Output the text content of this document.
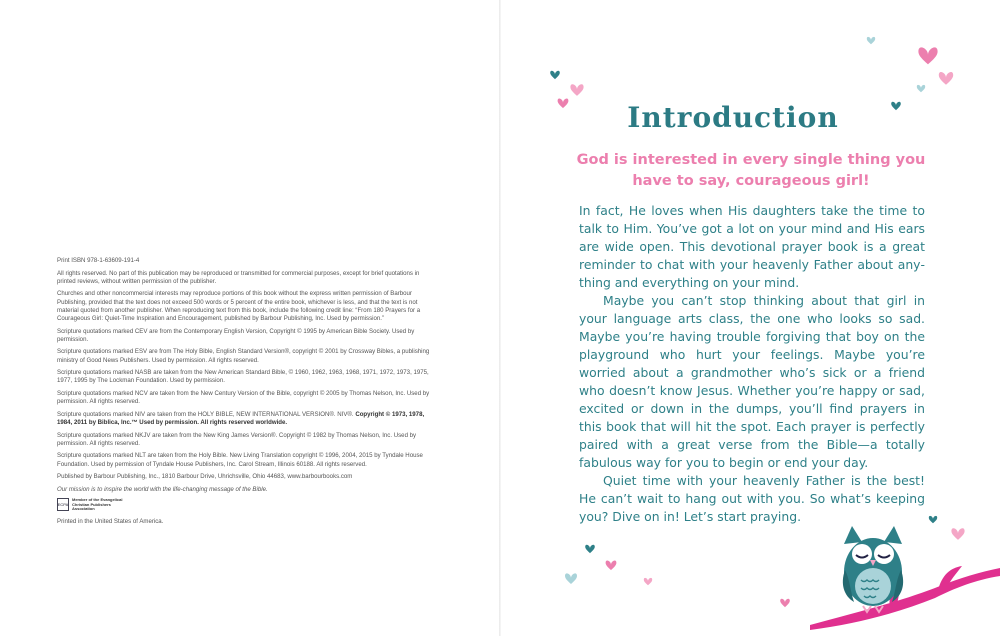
Print ISBN 978-1-63609-191-4

All rights reserved. No part of this publication may be reproduced or transmitted for commercial purposes, except for brief quotations in printed reviews, without written permission of the publisher.

Churches and other noncommercial interests may reproduce portions of this book without the express written permission of Barbour Publishing, provided that the text does not exceed 500 words or 5 percent of the entire book, whichever is less, and that the text is not material quoted from another publisher. When reproducing text from this book, include the following credit line: “From 180 Prayers for a Courageous Girl: Quiet-Time Inspiration and Encouragement, published by Barbour Publishing, Inc. Used by permission.”

Scripture quotations marked CEV are from the Contemporary English Version, Copyright © 1995 by American Bible Society. Used by permission.

Scripture quotations marked ESV are from The Holy Bible, English Standard Version®, copyright © 2001 by Crossway Bibles, a publishing ministry of Good News Publishers. Used by permission. All rights reserved.

Scripture quotations marked NASB are taken from the New American Standard Bible, © 1960, 1962, 1963, 1968, 1971, 1972, 1973, 1975, 1977, 1995 by The Lockman Foundation. Used by permission.

Scripture quotations marked NCV are taken from the New Century Version of the Bible, copyright © 2005 by Thomas Nelson, Inc. Used by permission. All rights reserved.

Scripture quotations marked NIV are taken from the HOLY BIBLE, NEW INTERNATIONAL VERSION®. NIV®. Copyright © 1973, 1978, 1984, 2011 by Biblica, Inc.™ Used by permission. All rights reserved worldwide.

Scripture quotations marked NKJV are taken from the New King James Version®. Copyright © 1982 by Thomas Nelson, Inc. Used by permission. All rights reserved.

Scripture quotations marked NLT are taken from the Holy Bible. New Living Translation copyright © 1996, 2004, 2015 by Tyndale House Foundation. Used by permission of Tyndale House Publishers, Inc. Carol Stream, Illinois 60188. All rights reserved.

Published by Barbour Publishing, Inc., 1810 Barbour Drive, Uhrichsville, Ohio 44683, www.barbourbooks.com

Our mission is to inspire the world with the life-changing message of the Bible.

ECPA
Member of the Evangelical Christian Publishers Association

Printed in the United States of America.

Introduction
God is interested in every single thing you have to say, courageous girl!

In fact, He loves when His daughters take the time to talk to Him. You’ve got a lot on your mind and His ears are wide open. This devotional prayer book is a great reminder to chat with your heavenly Father about anything and everything on your mind.

Maybe you can’t stop thinking about that girl in your language arts class, the one who looks so sad. Maybe you’re having trouble forgiving that boy on the playground who hurt your feelings. Maybe you’re worried about a grandmother who’s sick or a friend who doesn’t know Jesus. Whether you’re happy or sad, excited or down in the dumps, you’ll find prayers in this book that will hit the spot. Each prayer is perfectly paired with a great verse from the Bible—a totally fabulous way for you to begin or end your day.

Quiet time with your heavenly Father is the best! He can’t wait to hang out with you. So what’s keeping you? Dive on in! Let’s start praying.
